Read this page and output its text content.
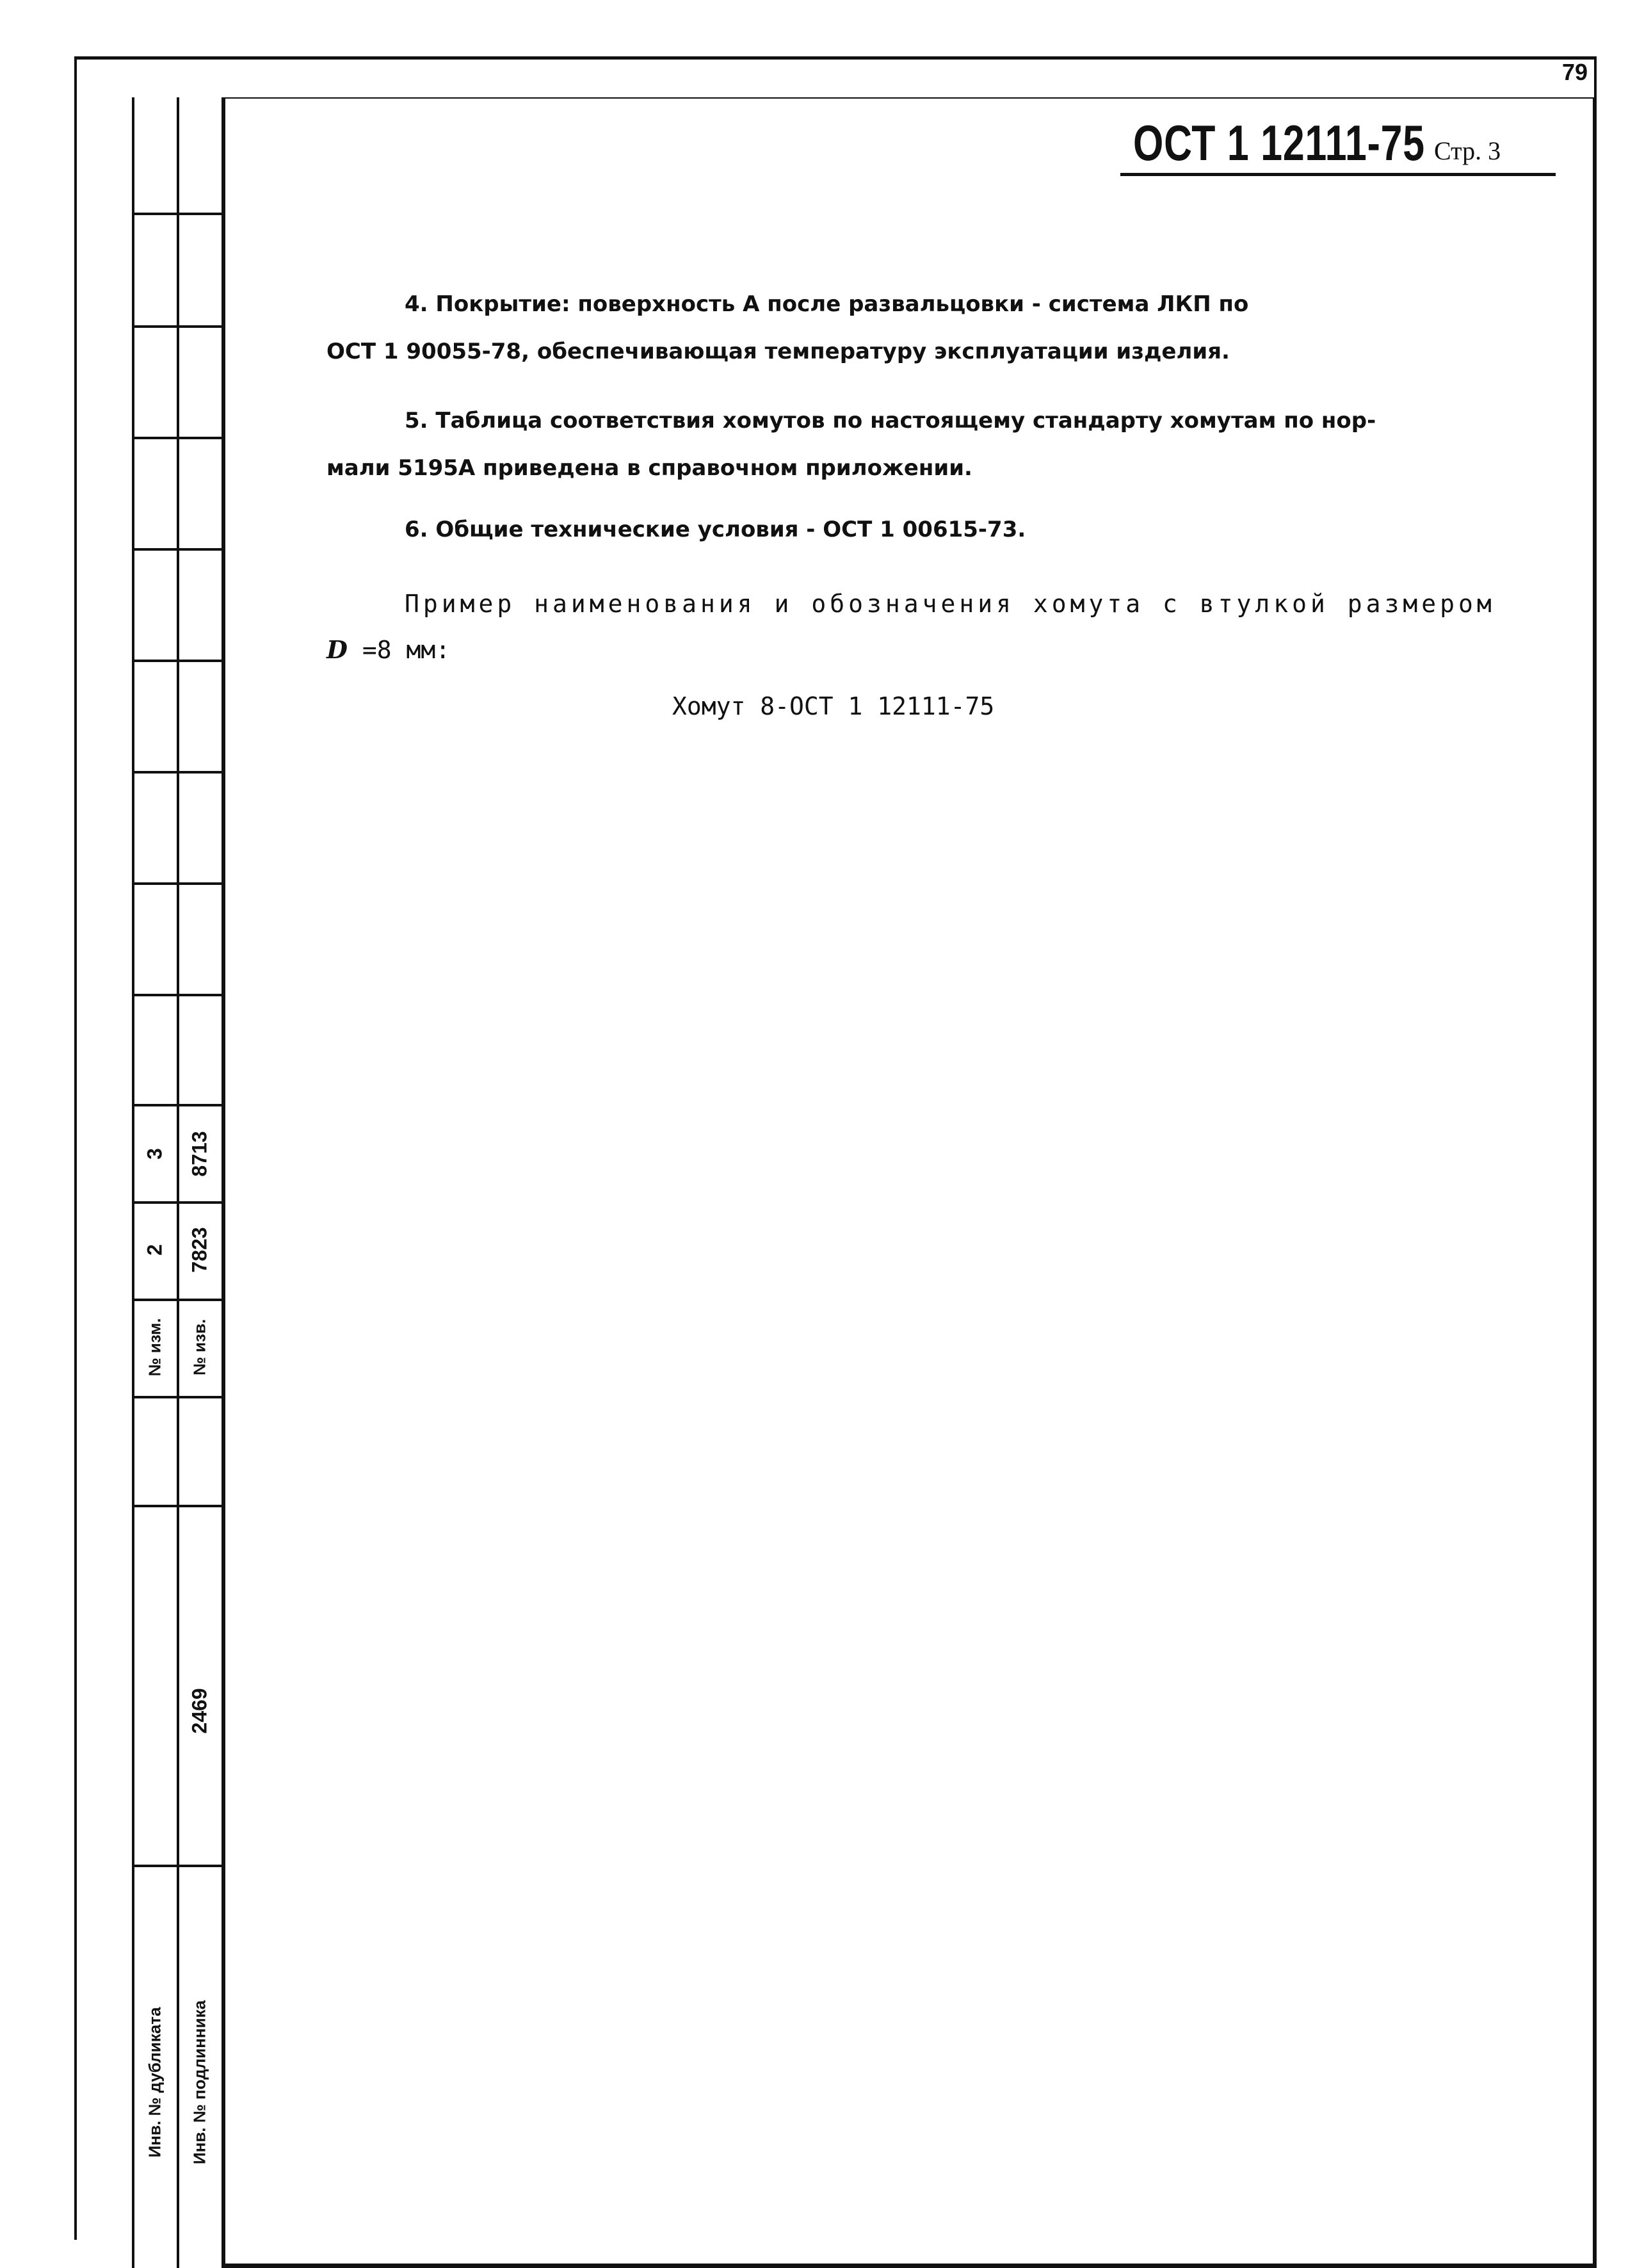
79
ОСТ 1 12111-75 Стр. 3
3 8713
2 7823
№ изм. № изв.
2469
Инв. № дубликата Инв. № подлинника
4. Покрытие: поверхность А после развальцовки - система ЛКП по
ОСТ 1 90055-78, обеспечивающая температуру эксплуатации изделия.
5. Таблица соответствия хомутов по настоящему стандарту хомутам по нор-
мали 5195А приведена в справочном приложении.
6. Общие технические условия - ОСТ 1 00615-73.
Пример наименования и обозначения хомута с втулкой размером
D =8 мм:
Хомут 8-ОСТ 1 12111-75
